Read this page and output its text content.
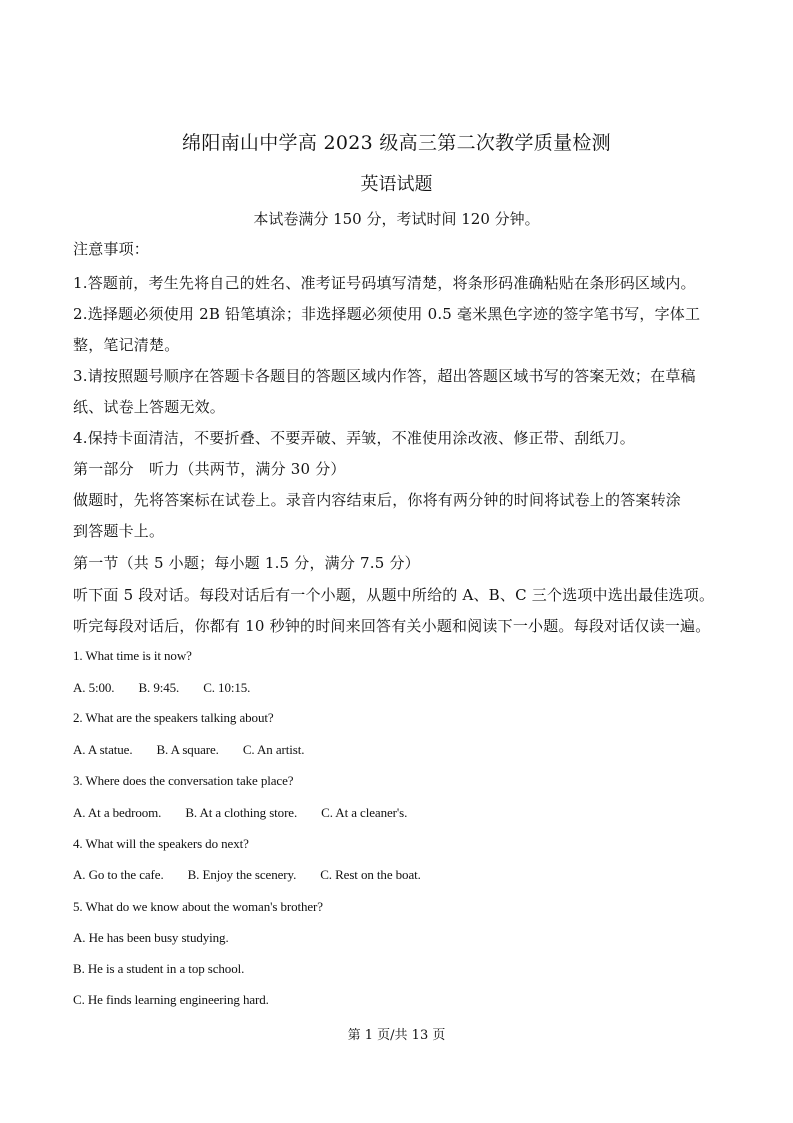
绵阳南山中学高 2023 级高三第二次教学质量检测
英语试题
本试卷满分 150 分，考试时间 120 分钟。
注意事项：
1.答题前，考生先将自己的姓名、准考证号码填写清楚，将条形码准确粘贴在条形码区域内。
2.选择题必须使用 2B 铅笔填涂；非选择题必须使用 0.5 毫米黑色字迹的签字笔书写，字体工
整，笔记清楚。
3.请按照题号顺序在答题卡各题目的答题区域内作答，超出答题区域书写的答案无效；在草稿
纸、试卷上答题无效。
4.保持卡面清洁，不要折叠、不要弄破、弄皱，不准使用涂改液、修正带、刮纸刀。
第一部分　听力（共两节，满分 30 分）
做题时，先将答案标在试卷上。录音内容结束后，你将有两分钟的时间将试卷上的答案转涂
到答题卡上。
第一节（共 5 小题；每小题 1.5 分，满分 7.5 分）
听下面 5 段对话。每段对话后有一个小题，从题中所给的 A、B、C 三个选项中选出最佳选项。
听完每段对话后，你都有 10 秒钟的时间来回答有关小题和阅读下一小题。每段对话仅读一遍。
1. What time is it now?
A. 5:00. B. 9:45. C. 10:15.
2. What are the speakers talking about?
A. A statue. B. A square. C. An artist.
3. Where does the conversation take place?
A. At a bedroom. B. At a clothing store. C. At a cleaner's.
4. What will the speakers do next?
A. Go to the cafe. B. Enjoy the scenery. C. Rest on the boat.
5. What do we know about the woman's brother?
A. He has been busy studying.
B. He is a student in a top school.
C. He finds learning engineering hard.
第 1 页/共 13 页
